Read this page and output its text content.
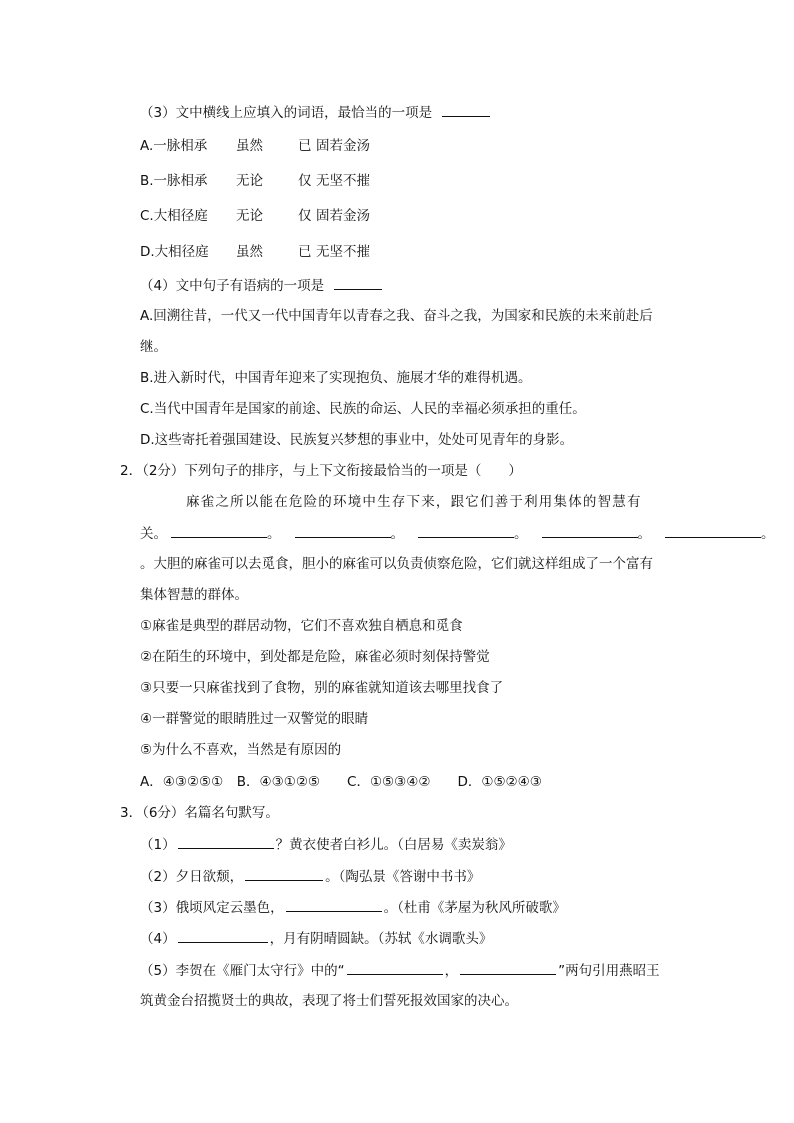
（3）文中横线上应填入的词语，最恰当的一项是
A.一脉相承 虽然	已 固若金汤
B.一脉相承 无论	仅 无坚不摧
C.大相径庭 无论	仅 固若金汤
D.大相径庭 虽然	已 无坚不摧
（4）文中句子有语病的一项是
A.回溯往昔，一代又一代中国青年以青春之我、奋斗之我，为国家和民族的未来前赴后
继。
B.进入新时代，中国青年迎来了实现抱负、施展才华的难得机遇。
C.当代中国青年是国家的前途、民族的命运、人民的幸福必须承担的重任。
D.这些寄托着强国建设、民族复兴梦想的事业中，处处可见青年的身影。
2．（2分）下列句子的排序，与上下文衔接最恰当的一项是（　　）
麻雀之所以能在危险的环境中生存下来，跟它们善于利用集体的智慧有
关。	。	。	。	。	。
。大胆的麻雀可以去觅食，胆小的麻雀可以负责侦察危险，它们就这样组成了一个富有
集体智慧的群体。
①麻雀是典型的群居动物，它们不喜欢独自栖息和觅食
②在陌生的环境中，到处都是危险，麻雀必须时刻保持警觉
③只要一只麻雀找到了食物，别的麻雀就知道该去哪里找食了
④一群警觉的眼睛胜过一双警觉的眼睛
⑤为什么不喜欢，当然是有原因的
A．④③②⑤①　B．④③①②⑤　　C．①⑤③④②　　D．①⑤②④③
3．（6分）名篇名句默写。
（1）	？黄衣使者白衫儿。（白居易《卖炭翁》
（2）夕日欲颓，	。（陶弘景《答谢中书书》
（3）俄顷风定云墨色，	。（杜甫《茅屋为秋风所破歌》
（4）	，月有阴晴圆缺。（苏轼《水调歌头》
（5）李贺在《雁门太守行》中的“	，	”两句引用燕昭王
筑黄金台招揽贤士的典故，表现了将士们誓死报效国家的决心。
